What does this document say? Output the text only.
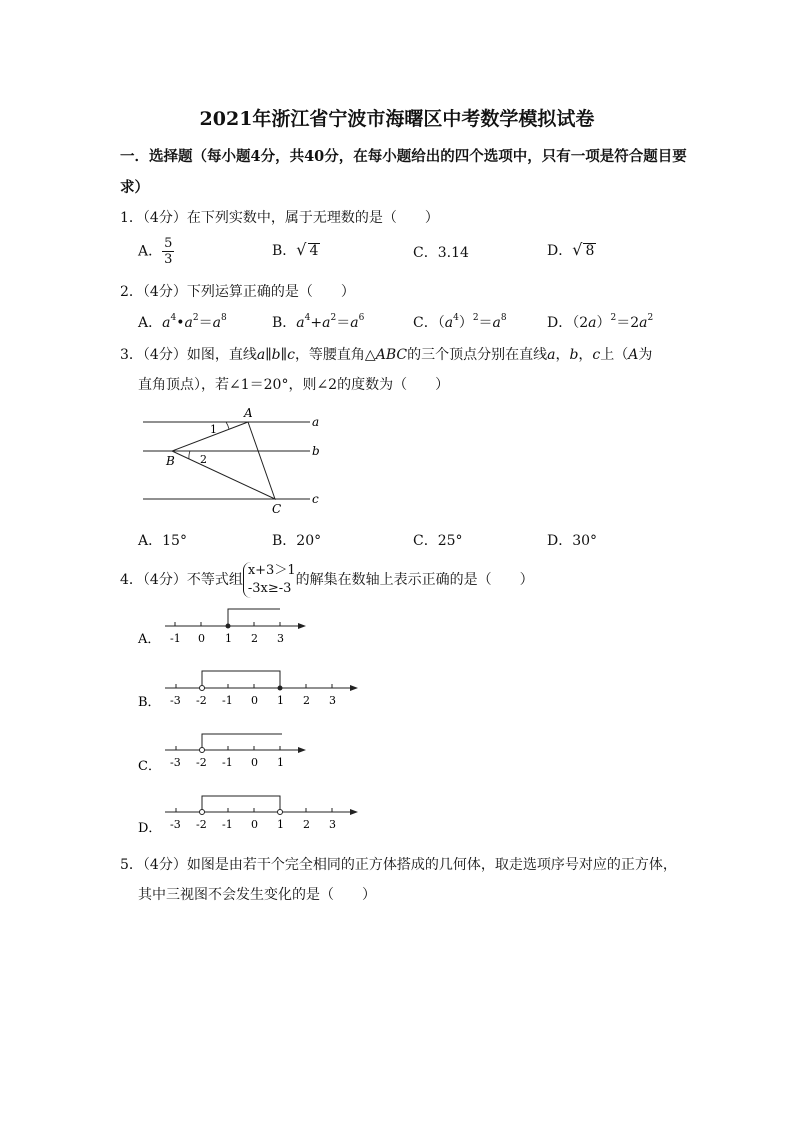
2021年浙江省宁波市海曙区中考数学模拟试卷
一．选择题（每小题4分，共40分，在每小题给出的四个选项中，只有一项是符合题目要
求）
1．（4分）在下列实数中，属于无理数的是（　　）
A． $\frac{5}{3}$	B．√ 4	C．3.14	D．√ 8
2．（4分）下列运算正确的是（　　）
A．$a^4•a^2=a^8$	B．$a^4+a^2=a^6$	C．$(a^4)^2=a^8$	D．$(2a)^2=2a^2$
3．（4分）如图，直线a∥b∥c，等腰直角△ABC的三个顶点分别在直线a，b，c上（A为
直角顶点），若∠1＝20°，则∠2的度数为（　　）
A
B
C
a
b
c
1
2
A．15°	B．20°	C．25°	D．30°
4．（4分）不等式组
x+3＞1
-3x≥-3
的解集在数轴上表示正确的是（　　）
A． -1 0 1 2 3
B． -3 -2 -1 0 1 2 3
C． -3 -2 -1 0 1
D． -3 -2 -1 0 1 2 3
5．（4分）如图是由若干个完全相同的正方体搭成的几何体，取走选项序号对应的正方体，
其中三视图不会发生变化的是（　　）
